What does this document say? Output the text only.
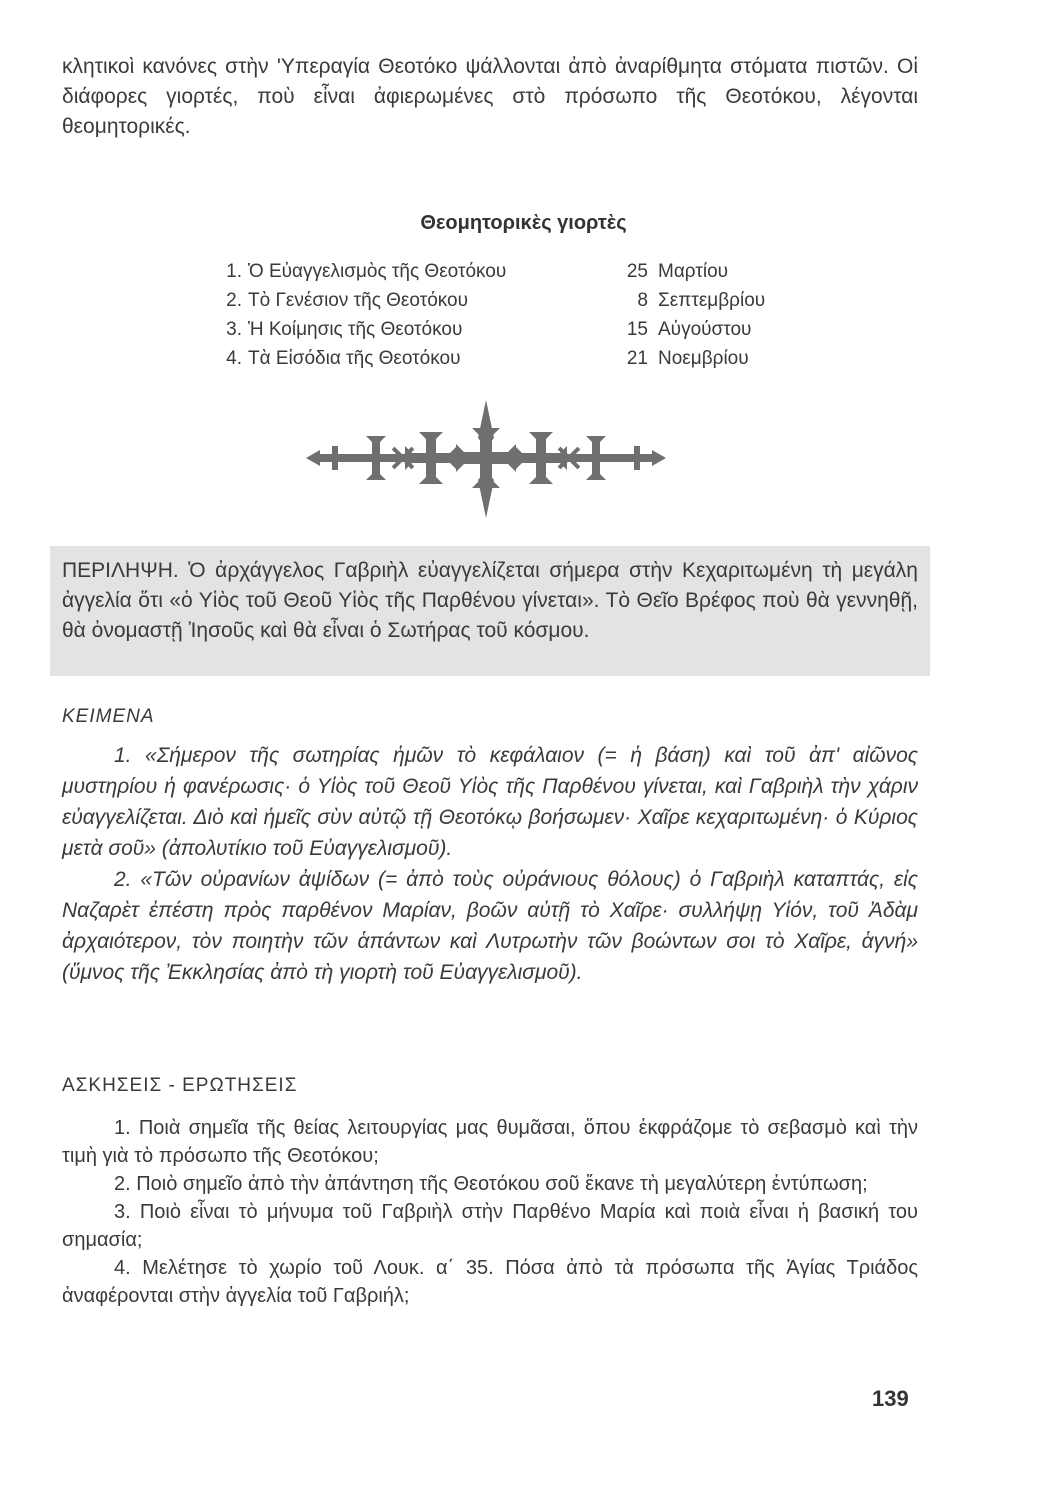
κλητικοὶ κανόνες στὴν 'Υπεραγία Θεοτόκο ψάλλονται ἀπὸ ἀναρίθμητα στόματα πιστῶν. Οἱ διάφορες γιορτές, ποὺ εἶναι ἀφιερωμένες στὸ πρόσωπο τῆς Θεοτόκου, λέγονται θεομητορικές.

Θεομητορικὲς γιορτὲς
1. Ὁ Εὐαγγελισμὸς τῆς Θεοτόκου	25 Μαρτίου
2. Τὸ Γενέσιον τῆς Θεοτόκου	8 Σεπτεμβρίου
3. Ἡ Κοίμησις τῆς Θεοτόκου	15 Αὐγούστου
4. Τὰ Εἰσόδια τῆς Θεοτόκου	21 Νοεμβρίου

ΠΕΡΙΛΗΨΗ. Ὁ ἀρχάγγελος Γαβριὴλ εὐαγγελίζεται σήμερα στὴν Κεχαριτωμένη τὴ μεγάλη ἀγγελία ὅτι «ὁ Υἱὸς τοῦ Θεοῦ Υἱὸς τῆς Παρθένου γίνεται». Τὸ Θεῖο Βρέφος ποὺ θὰ γεννηθῇ, θὰ ὀνομαστῇ Ἰησοῦς καὶ θὰ εἶναι ὁ Σωτήρας τοῦ κόσμου.

ΚΕΙΜΕΝΑ

1. «Σήμερον τῆς σωτηρίας ἡμῶν τὸ κεφάλαιον (= ἡ βάση) καὶ τοῦ ἀπ' αἰῶνος μυστηρίου ἡ φανέρωσις· ὁ Υἱὸς τοῦ Θεοῦ Υἱὸς τῆς Παρθένου γίνεται, καὶ Γαβριὴλ τὴν χάριν εὐαγγελίζεται. Διὸ καὶ ἡμεῖς σὺν αὐτῷ τῇ Θεοτόκῳ βοήσωμεν· Χαῖρε κεχαριτωμένη· ὁ Κύριος μετὰ σοῦ» (ἀπολυτίκιο τοῦ Εὐαγγελισμοῦ).

2. «Τῶν οὐρανίων ἀψίδων (= ἀπὸ τοὺς οὐράνιους θόλους) ὁ Γαβριὴλ καταπτάς, εἰς Ναζαρὲτ ἐπέστη πρὸς παρθένον Μαρίαν, βοῶν αὐτῇ τὸ Χαῖρε· συλλήψῃ Υἱόν, τοῦ Ἀδὰμ ἀρχαιότερον, τὸν ποιητὴν τῶν ἁπάντων καὶ Λυτρωτὴν τῶν βοώντων σοι τὸ Χαῖρε, ἁγνή» (ὕμνος τῆς Ἐκκλησίας ἀπὸ τὴ γιορτὴ τοῦ Εὐαγγελισμοῦ).

ΑΣΚΗΣΕΙΣ - ΕΡΩΤΗΣΕΙΣ

1. Ποιὰ σημεῖα τῆς θείας λειτουργίας μας θυμᾶσαι, ὅπου ἐκφράζομε τὸ σεβασμὸ καὶ τὴν τιμὴ γιὰ τὸ πρόσωπο τῆς Θεοτόκου;

2. Ποιὸ σημεῖο ἀπὸ τὴν ἀπάντηση τῆς Θεοτόκου σοῦ ἔκανε τὴ μεγαλύτερη ἐντύπωση;

3. Ποιὸ εἶναι τὸ μήνυμα τοῦ Γαβριὴλ στὴν Παρθένο Μαρία καὶ ποιὰ εἶναι ἡ βασική του σημασία;

4. Μελέτησε τὸ χωρίο τοῦ Λουκ. α΄ 35. Πόσα ἀπὸ τὰ πρόσωπα τῆς Ἁγίας Τριάδος ἀναφέρονται στὴν ἀγγελία τοῦ Γαβριήλ;

139
